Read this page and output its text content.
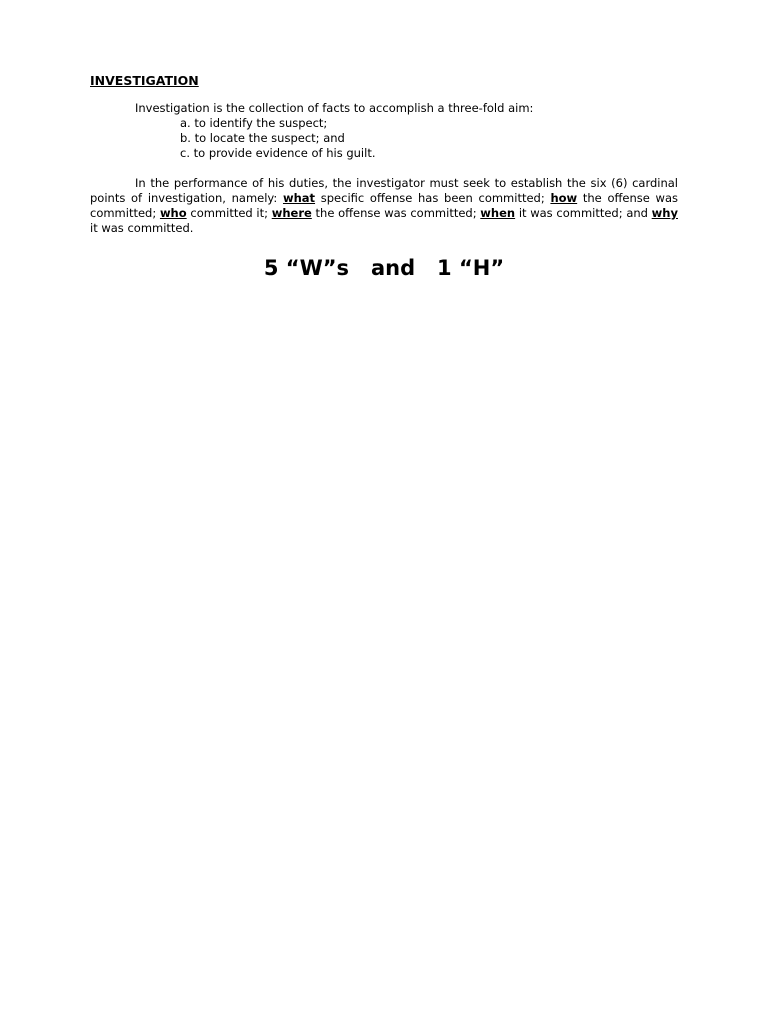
INVESTIGATION

Investigation is the collection of facts to accomplish a three-fold aim:

a. to identify the suspect;
b. to locate the suspect; and
c. to provide evidence of his guilt.

In the performance of his duties, the investigator must seek to establish the six (6) cardinal points of investigation, namely: what specific offense has been committed; how the offense was committed; who committed it; where the offense was committed; when it was committed; and why it was committed.

5 “W”s   and   1 “H”
